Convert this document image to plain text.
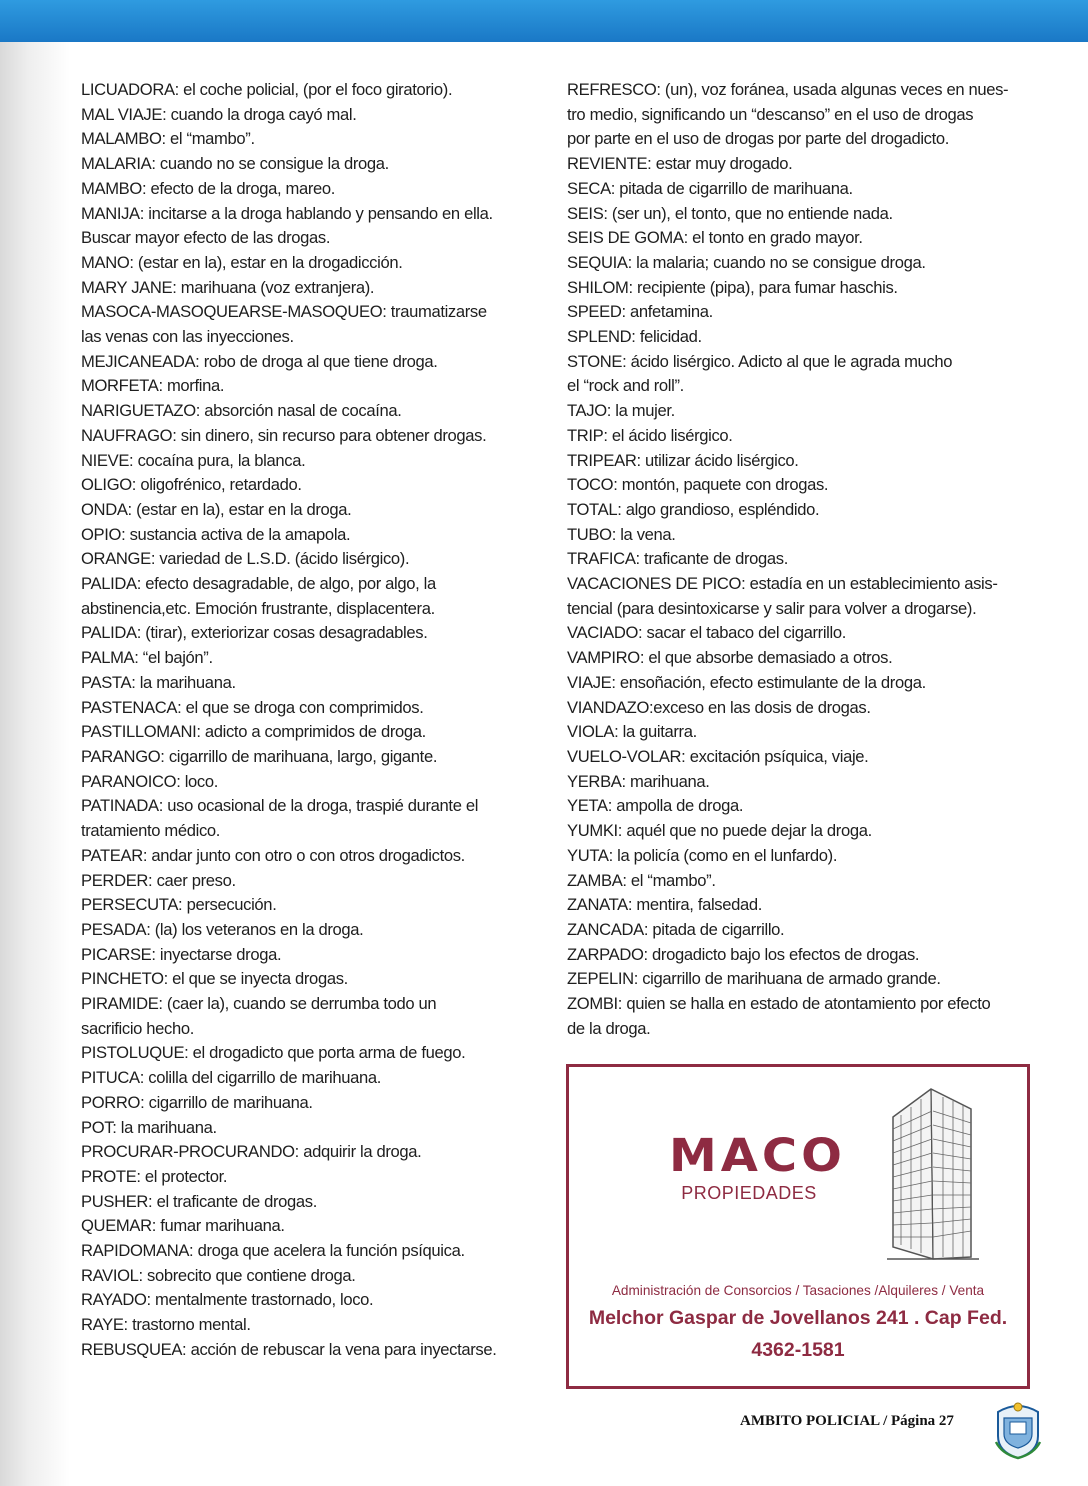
LICUADORA: el coche policial, (por el foco giratorio).
MAL VIAJE: cuando la droga cayó mal.
MALAMBO: el “mambo”.
MALARIA: cuando no se consigue la droga.
MAMBO: efecto de la droga, mareo.
MANIJA: incitarse a la droga hablando y pensando en ella.
Buscar mayor efecto de las drogas.
MANO: (estar en la), estar en la drogadicción.
MARY JANE: marihuana (voz extranjera).
MASOCA-MASOQUEARSE-MASOQUEO: traumatizarse
las venas con las inyecciones.
MEJICANEADA: robo de droga al que tiene droga.
MORFETA: morfina.
NARIGUETAZO: absorción nasal de cocaína.
NAUFRAGO: sin dinero, sin recurso para obtener drogas.
NIEVE: cocaína pura, la blanca.
OLIGO: oligofrénico, retardado.
ONDA: (estar en la), estar en la droga.
OPIO: sustancia activa de la amapola.
ORANGE: variedad de L.S.D. (ácido lisérgico).
PALIDA: efecto desagradable, de algo, por algo, la
abstinencia,etc. Emoción frustrante, displacentera.
PALIDA: (tirar), exteriorizar cosas desagradables.
PALMA: “el bajón”.
PASTA: la marihuana.
PASTENACA: el que se droga con comprimidos.
PASTILLOMANI: adicto a comprimidos de droga.
PARANGO: cigarrillo de marihuana, largo, gigante.
PARANOICO: loco.
PATINADA: uso ocasional de la droga, traspié durante el
tratamiento médico.
PATEAR: andar junto con otro o con otros drogadictos.
PERDER: caer preso.
PERSECUTA: persecución.
PESADA: (la) los veteranos en la droga.
PICARSE: inyectarse droga.
PINCHETO: el que se inyecta drogas.
PIRAMIDE: (caer la), cuando se derrumba todo un
sacrificio hecho.
PISTOLUQUE: el drogadicto que porta arma de fuego.
PITUCA: colilla del cigarrillo de marihuana.
PORRO: cigarrillo de marihuana.
POT: la marihuana.
PROCURAR-PROCURANDO: adquirir la droga.
PROTE: el protector.
PUSHER: el traficante de drogas.
QUEMAR: fumar marihuana.
RAPIDOMANA: droga que acelera la función psíquica.
RAVIOL: sobrecito que contiene droga.
RAYADO: mentalmente trastornado, loco.
RAYE: trastorno mental.
REBUSQUEA: acción de rebuscar la vena para inyectarse.
REFRESCO: (un), voz foránea, usada algunas veces en nues-
tro medio, significando un “descanso” en el uso de drogas
por parte en el uso de drogas por parte del drogadicto.
REVIENTE: estar muy drogado.
SECA: pitada de cigarrillo de marihuana.
SEIS: (ser un), el tonto, que no entiende nada.
SEIS DE GOMA: el tonto en grado mayor.
SEQUIA: la malaria; cuando no se consigue droga.
SHILOM: recipiente (pipa), para fumar haschis.
SPEED: anfetamina.
SPLEND: felicidad.
STONE: ácido lisérgico. Adicto al que le agrada mucho
el “rock and roll”.
TAJO: la mujer.
TRIP: el ácido lisérgico.
TRIPEAR: utilizar ácido lisérgico.
TOCO: montón, paquete con drogas.
TOTAL: algo grandioso, espléndido.
TUBO: la vena.
TRAFICA: traficante de drogas.
VACACIONES DE PICO: estadía en un establecimiento asis-
tencial (para desintoxicarse y salir para volver a drogarse).
VACIADO: sacar el tabaco del cigarrillo.
VAMPIRO: el que absorbe demasiado a otros.
VIAJE: ensoñación, efecto estimulante de la droga.
VIANDAZO:exceso en las dosis de drogas.
VIOLA: la guitarra.
VUELO-VOLAR: excitación psíquica, viaje.
YERBA: marihuana.
YETA: ampolla de droga.
YUMKI: aquél que no puede dejar la droga.
YUTA: la policía (como en el lunfardo).
ZAMBA: el “mambo”.
ZANATA: mentira, falsedad.
ZANCADA: pitada de cigarrillo.
ZARPADO: drogadicto bajo los efectos de drogas.
ZEPELIN: cigarrillo de marihuana de armado grande.
ZOMBI: quien se halla en estado de atontamiento por efecto
de la droga.
MACO
PROPIEDADES
Administración de Consorcios / Tasaciones /Alquileres / Venta
Melchor Gaspar de Jovellanos 241 . Cap Fed.
4362-1581
AMBITO POLICIAL / Página 27
